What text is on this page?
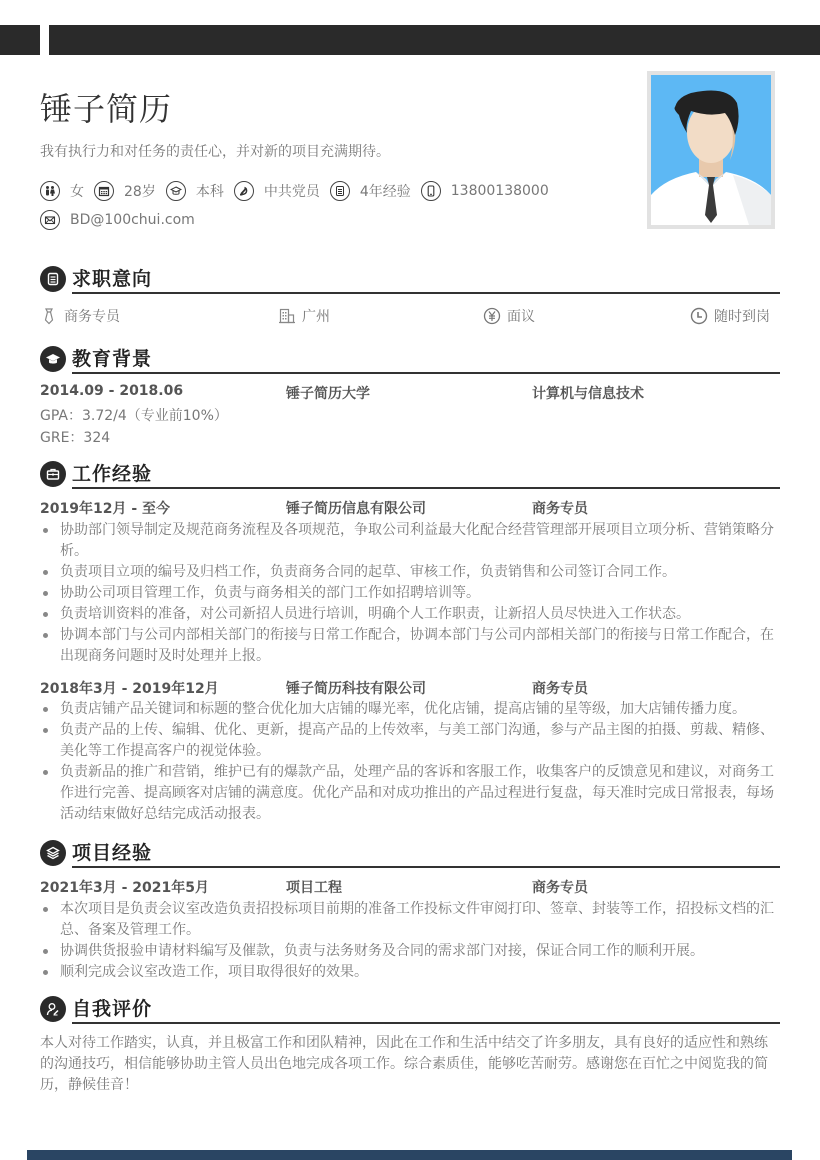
锤子简历
我有执行力和对任务的责任心，并对新的项目充满期待。
女	28岁	本科	中共党员	4年经验	13800138000
BD@100chui.com
求职意向
商务专员	广州	面议	随时到岗
教育背景
2014.09 - 2018.06	锤子简历大学	计算机与信息技术
GPA：3.72/4（专业前10%）
GRE：324
工作经验
2019年12月 - 至今	锤子简历信息有限公司	商务专员
协助部门领导制定及规范商务流程及各项规范，争取公司利益最大化配合经营管理部开展项目立项分析、营销策略分析。
负责项目立项的编号及归档工作，负责商务合同的起草、审核工作，负责销售和公司签订合同工作。
协助公司项目管理工作，负责与商务相关的部门工作如招聘培训等。
负责培训资料的准备，对公司新招人员进行培训，明确个人工作职责，让新招人员尽快进入工作状态。
协调本部门与公司内部相关部门的衔接与日常工作配合，协调本部门与公司内部相关部门的衔接与日常工作配合，在出现商务问题时及时处理并上报。
2018年3月 - 2019年12月	锤子简历科技有限公司	商务专员
负责店铺产品关键词和标题的整合优化加大店铺的曝光率，优化店铺，提高店铺的星等级，加大店铺传播力度。
负责产品的上传、编辑、优化、更新，提高产品的上传效率，与美工部门沟通，参与产品主图的拍摄、剪裁、精修、美化等工作提高客户的视觉体验。
负责新品的推广和营销，维护已有的爆款产品，处理产品的客诉和客服工作，收集客户的反馈意见和建议，对商务工作进行完善、提高顾客对店铺的满意度。优化产品和对成功推出的产品过程进行复盘，每天准时完成日常报表，每场活动结束做好总结完成活动报表。
项目经验
2021年3月 - 2021年5月	项目工程	商务专员
本次项目是负责会议室改造负责招投标项目前期的准备工作投标文件审阅打印、签章、封装等工作，招投标文档的汇总、备案及管理工作。
协调供货报验申请材料编写及催款，负责与法务财务及合同的需求部门对接，保证合同工作的顺利开展。
顺利完成会议室改造工作，项目取得很好的效果。
自我评价

本人对待工作踏实，认真，并且极富工作和团队精神，因此在工作和生活中结交了许多朋友，具有良好的适应性和熟练的沟通技巧，相信能够协助主管人员出色地完成各项工作。综合素质佳，能够吃苦耐劳。感谢您在百忙之中阅览我的简历，静候佳音！
